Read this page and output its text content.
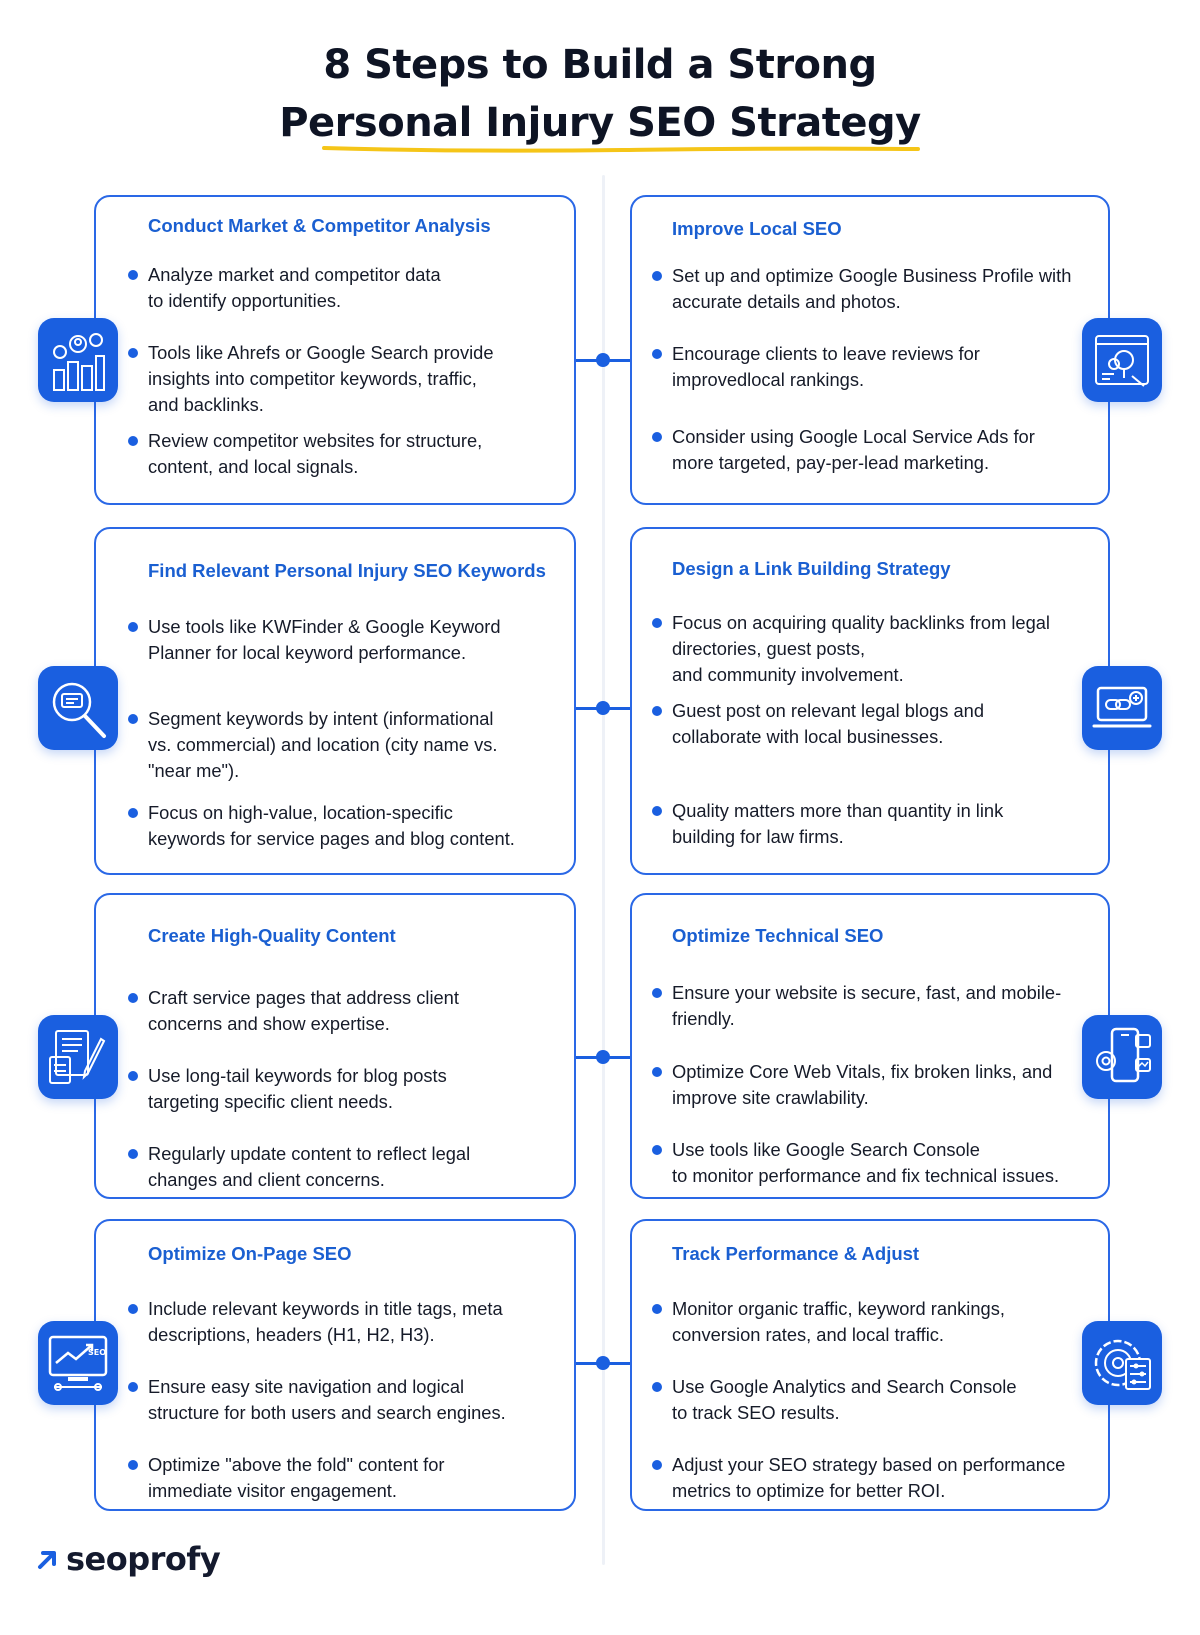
8 Steps to Build a Strong
Personal Injury SEO Strategy
Conduct Market & Competitor Analysis
Analyze market and competitor data
to identify opportunities.
Tools like Ahrefs or Google Search provide
insights into competitor keywords, traffic,
and backlinks.
Review competitor websites for structure,
content, and local signals.
Improve Local SEO
Set up and optimize Google Business Profile with
accurate details and photos.
Encourage clients to leave reviews for
improvedlocal rankings.
Consider using Google Local Service Ads for
more targeted, pay-per-lead marketing.
Find Relevant Personal Injury SEO Keywords
Use tools like KWFinder & Google Keyword
Planner for local keyword performance.
Segment keywords by intent (informational
vs. commercial) and location (city name vs.
"near me").
Focus on high-value, location-specific
keywords for service pages and blog content.
Design a Link Building Strategy
Focus on acquiring quality backlinks from legal
directories, guest posts,
and community involvement.
Guest post on relevant legal blogs and
collaborate with local businesses.
Quality matters more than quantity in link
building for law firms.
Create High-Quality Content
Craft service pages that address client
concerns and show expertise.
Use long-tail keywords for blog posts
targeting specific client needs.
Regularly update content to reflect legal
changes and client concerns.
Optimize Technical SEO
Ensure your website is secure, fast, and mobile-
friendly.
Optimize Core Web Vitals, fix broken links, and
improve site crawlability.
Use tools like Google Search Console
to monitor performance and fix technical issues.
Optimize On-Page SEO
Include relevant keywords in title tags, meta
descriptions, headers (H1, H2, H3).
Ensure easy site navigation and logical
structure for both users and search engines.
Optimize "above the fold" content for
immediate visitor engagement.
SEO
Track Performance & Adjust
Monitor organic traffic, keyword rankings,
conversion rates, and local traffic.
Use Google Analytics and Search Console
to track SEO results.
Adjust your SEO strategy based on performance
metrics to optimize for better ROI.
seoprofy
